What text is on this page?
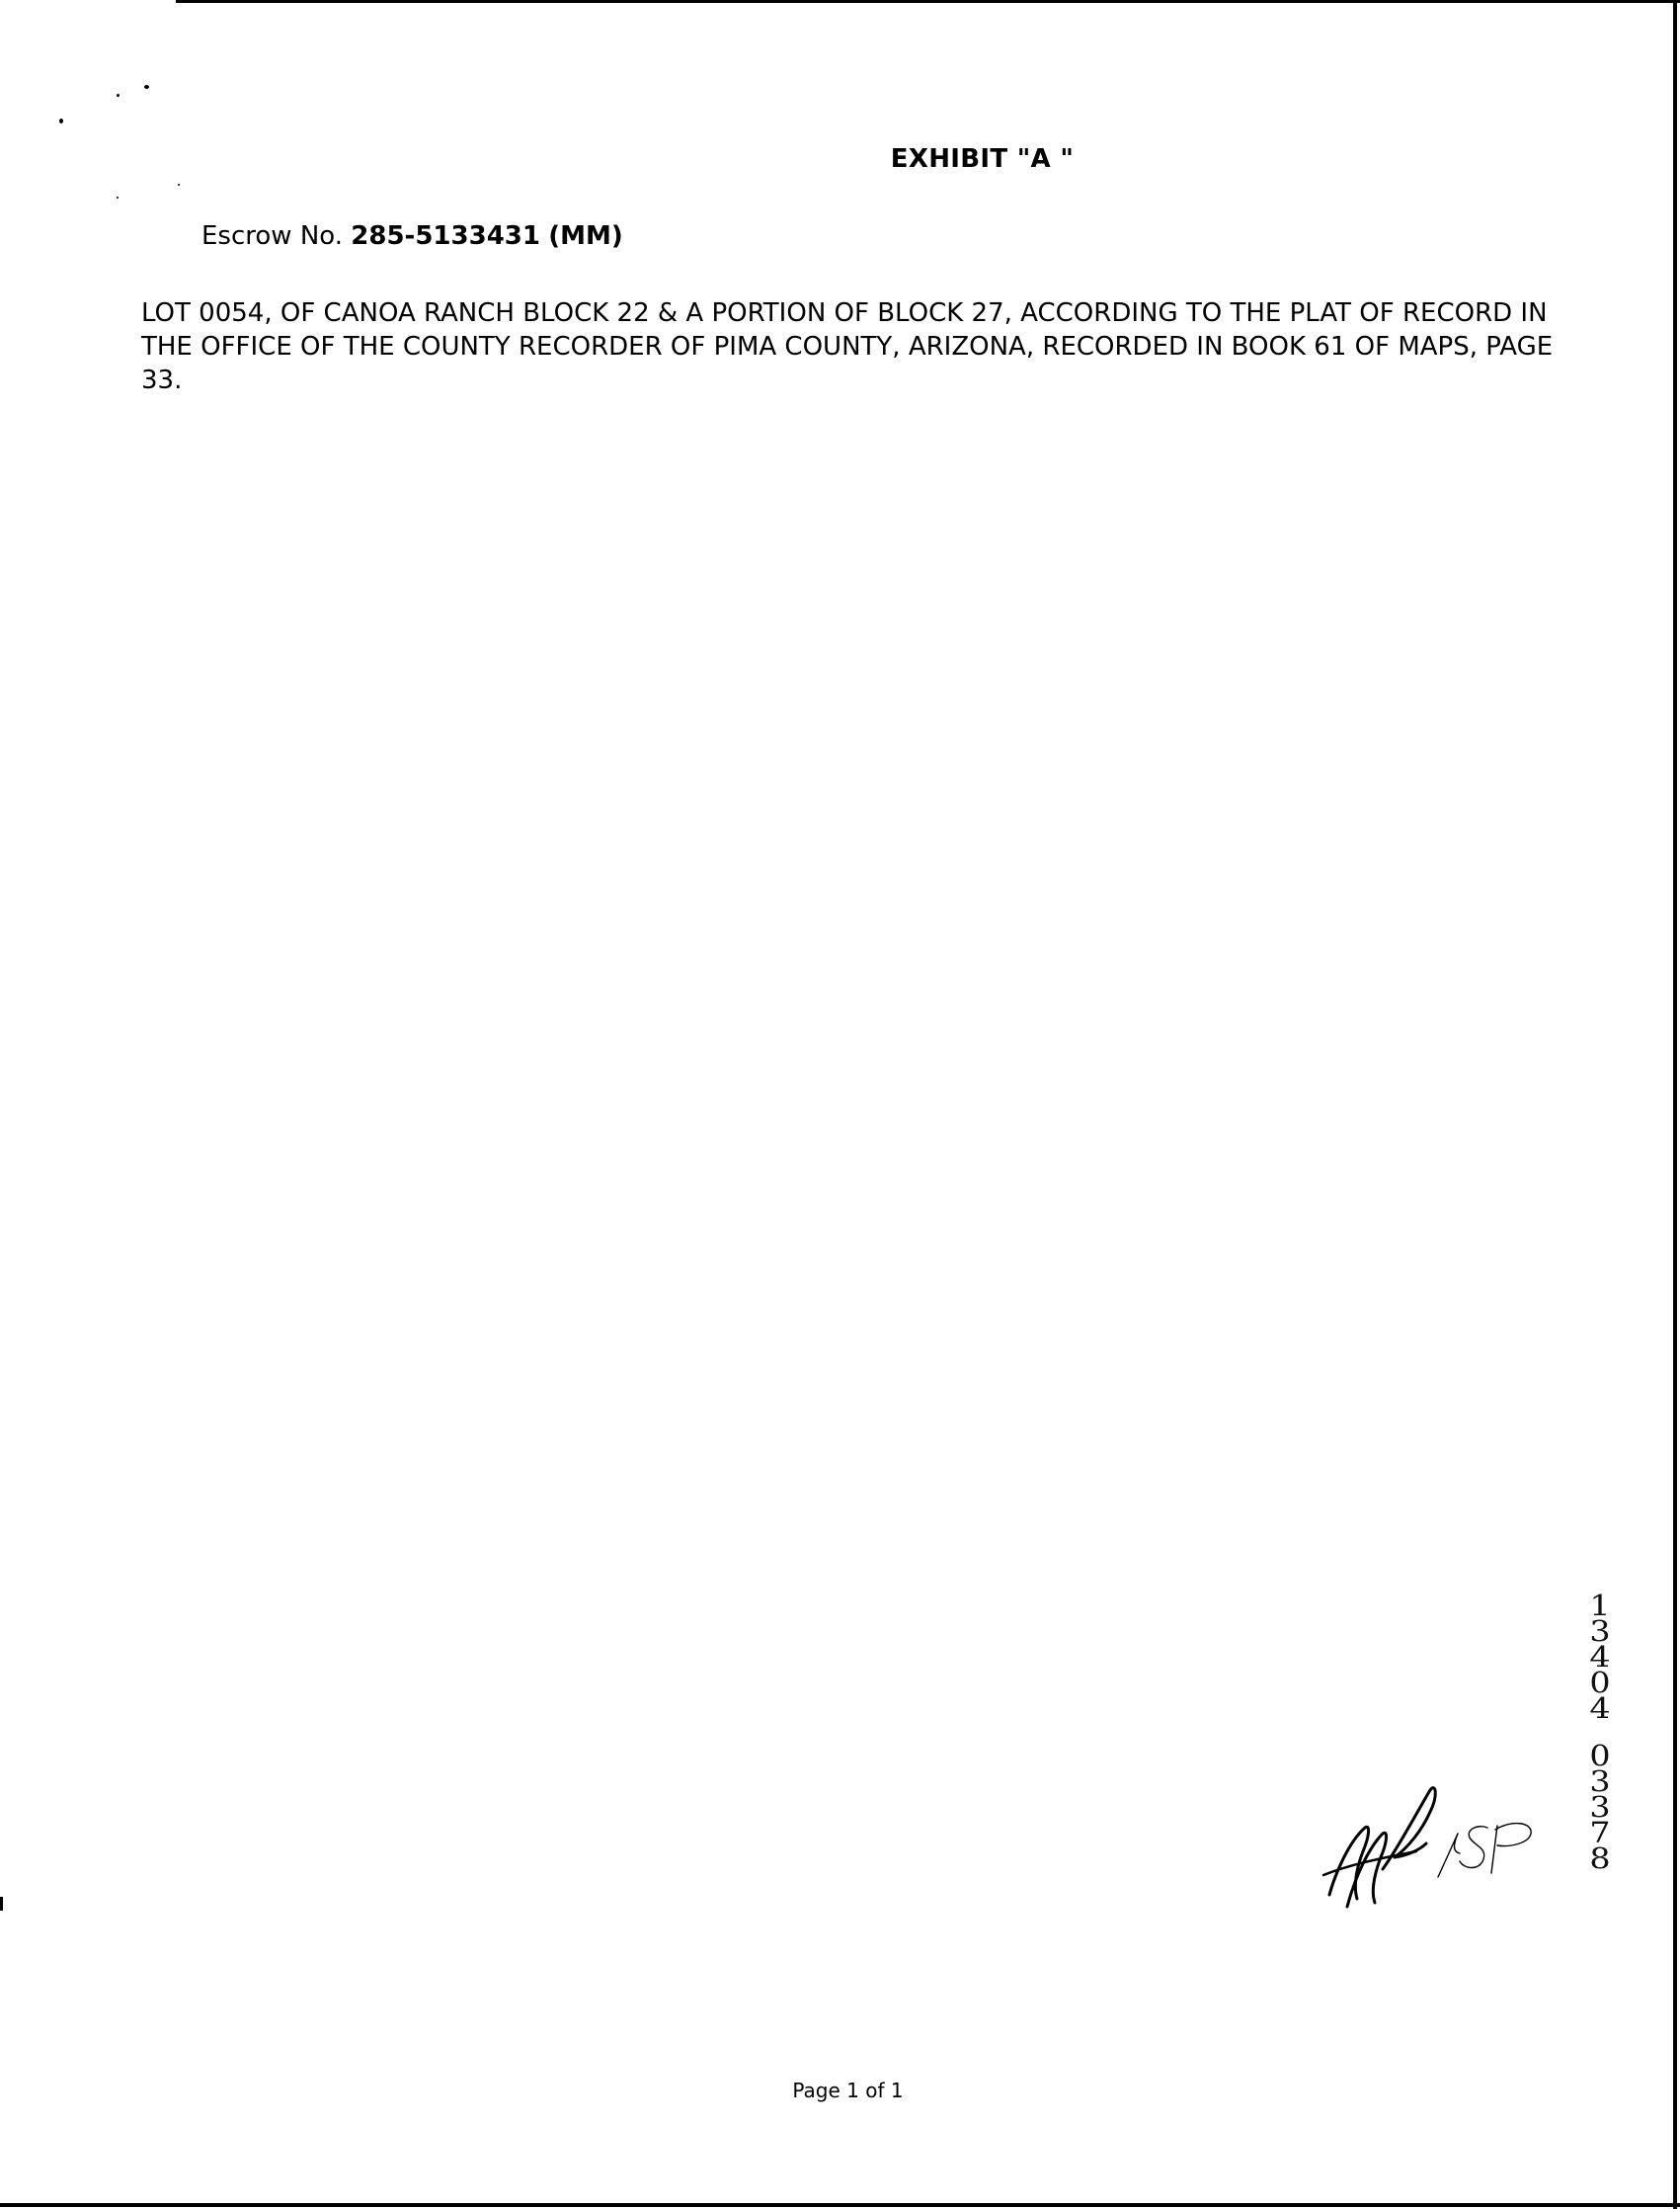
EXHIBIT "A "
Escrow No. 285-5133431 (MM)
LOT 0054, OF CANOA RANCH BLOCK 22 & A PORTION OF BLOCK 27, ACCORDING TO THE PLAT OF RECORD IN THE OFFICE OF THE COUNTY RECORDER OF PIMA COUNTY, ARIZONA, RECORDED IN BOOK 61 OF MAPS, PAGE 33.
1
3
4
0
4
0
3
3
7
8
Page 1 of 1
